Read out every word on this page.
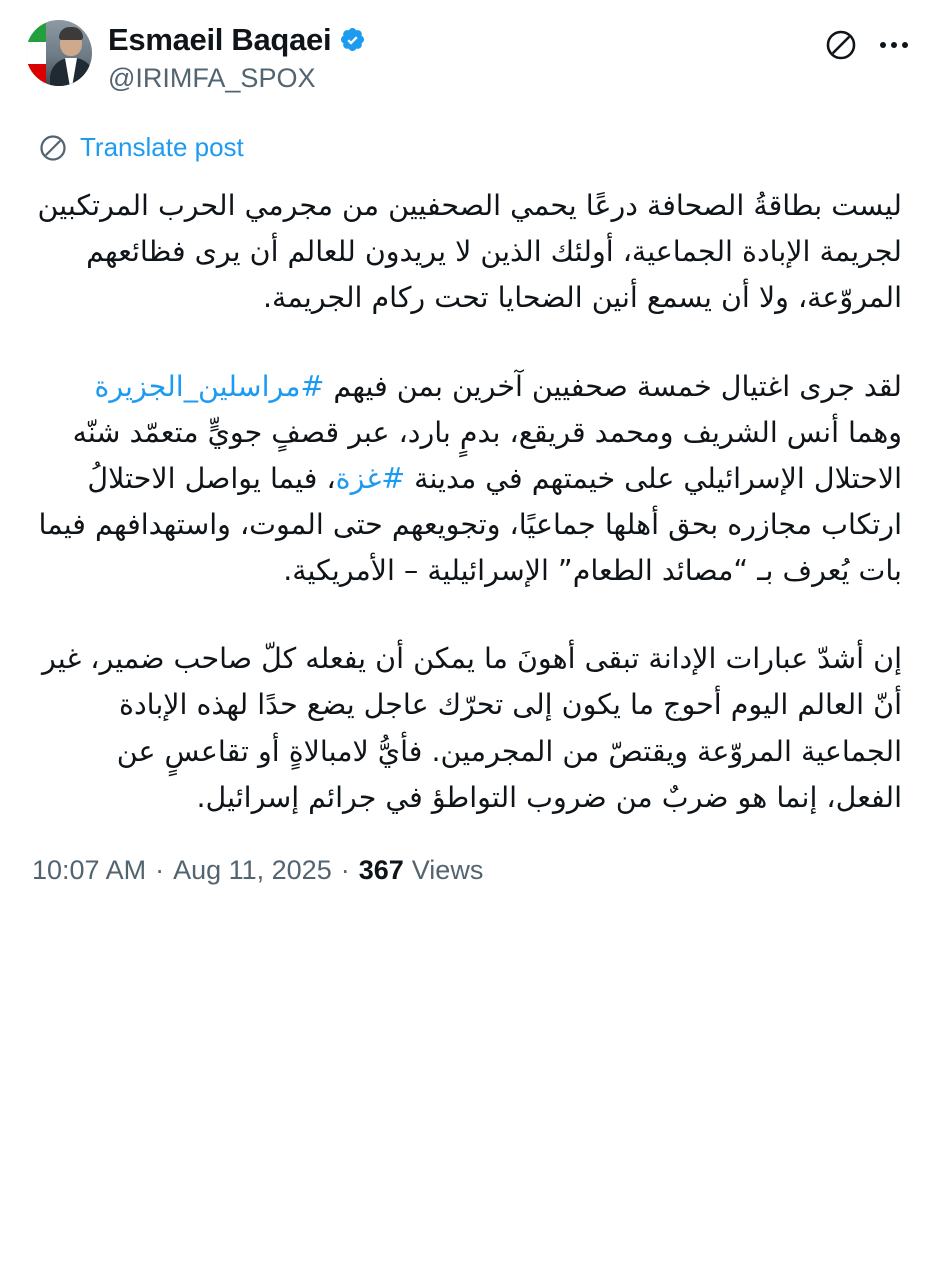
Esmaeil Baqaei
@IRIMFA_SPOX
Translate post

ليست بطاقةُ الصحافة درعًا يحمي الصحفيين من مجرمي الحرب المرتكبين لجريمة الإبادة الجماعية، أولئك الذين لا يريدون للعالم أن يرى فظائعهم المروّعة، ولا أن يسمع أنين الضحايا تحت ركام الجريمة.

لقد جرى اغتيال خمسة صحفيين آخرين بمن فيهم #مراسلين_الجزيرة وهما أنس الشريف ومحمد قريقع، بدمٍ بارد، عبر قصفٍ جويٍّ متعمّد شنّه الاحتلال الإسرائيلي على خيمتهم في مدينة #غزة، فيما يواصل الاحتلالُ ارتكاب مجازره بحق أهلها جماعيًا، وتجويعهم حتى الموت، واستهدافهم فيما بات يُعرف بـ “مصائد الطعام” الإسرائيلية – الأمريكية.

إن أشدّ عبارات الإدانة تبقى أهونَ ما يمكن أن يفعله كلّ صاحب ضمير، غير أنّ العالم اليوم أحوج ما يكون إلى تحرّك عاجل يضع حدًا لهذه الإبادة الجماعية المروّعة ويقتصّ من المجرمين. فأيُّ لامبالاةٍ أو تقاعسٍ عن الفعل، إنما هو ضربٌ من ضروب التواطؤ في جرائم إسرائيل.

10:07 AM · Aug 11, 2025 · 367 Views
